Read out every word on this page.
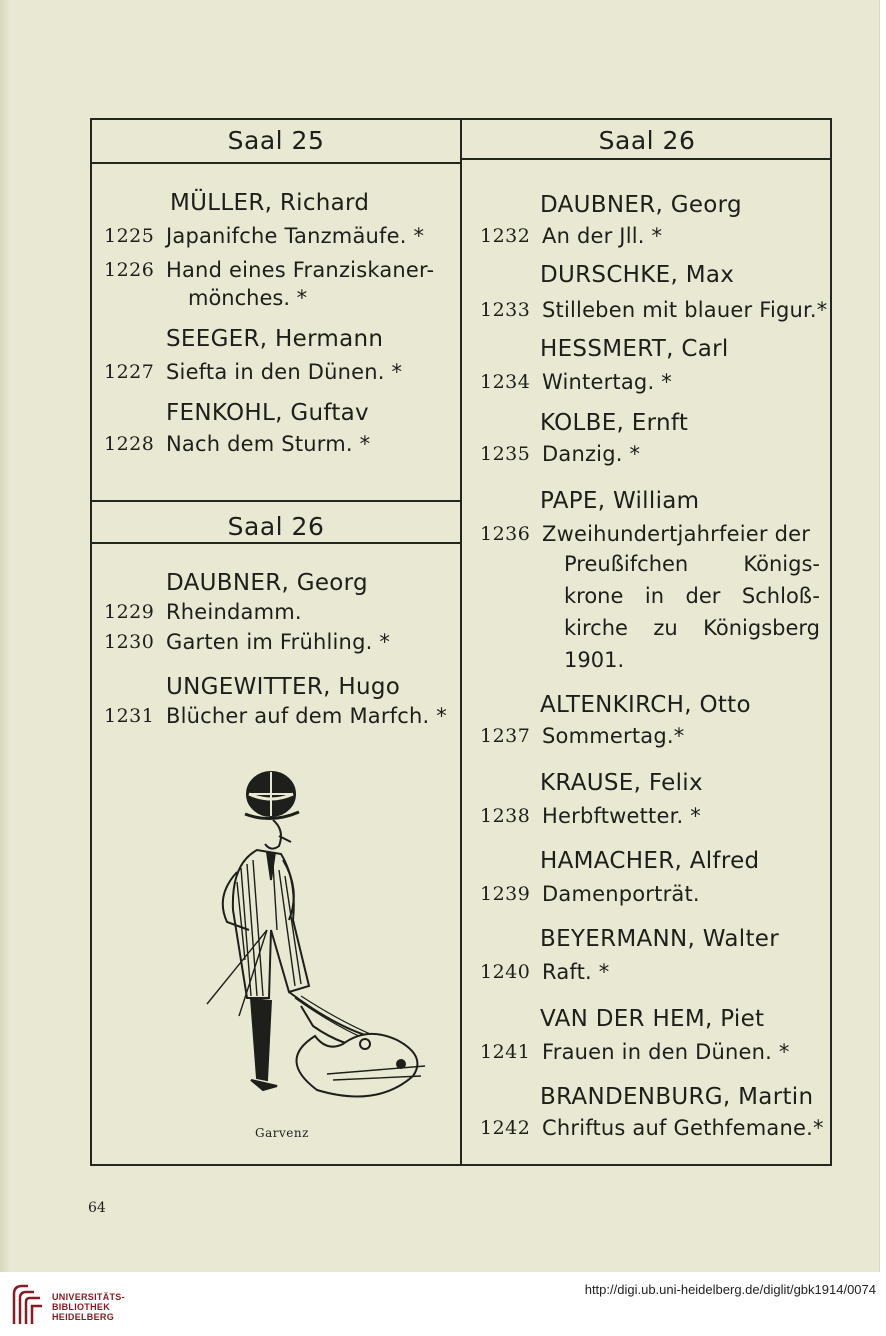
Saal 25
MÜLLER, Richard
1225 Japanifche Tanzmäufe. *
1226 Hand eines Franziskaner-
mönches. *
SEEGER, Hermann
1227 Siefta in den Dünen. *
FENKOHL, Guftav
1228 Nach dem Sturm. *
Saal 26
DAUBNER, Georg
1229 Rheindamm.
1230 Garten im Frühling. *
UNGEWITTER, Hugo
1231 Blücher auf dem Marfch. *
Garvenz
Saal 26
DAUBNER, Georg
1232 An der Jll. *
DURSCHKE, Max
1233 Stilleben mit blauer Figur.*
HESSMERT, Carl
1234 Wintertag. *
KOLBE, Ernft
1235 Danzig. *
PAPE, William
1236 Zweihundertjahrfeier der
Preußifchen Königs-
krone in der Schloß-
kirche zu Königsberg
1901.
ALTENKIRCH, Otto
1237 Sommertag.*
KRAUSE, Felix
1238 Herbftwetter. *
HAMACHER, Alfred
1239 Damenporträt.
BEYERMANN, Walter
1240 Raft. *
VAN DER HEM, Piet
1241 Frauen in den Dünen. *
BRANDENBURG, Martin
1242 Chriftus auf Gethfemane.*
64
UNIVERSITÄTS-
BIBLIOTHEK
HEIDELBERG
http://digi.ub.uni-heidelberg.de/diglit/gbk1914/0074
